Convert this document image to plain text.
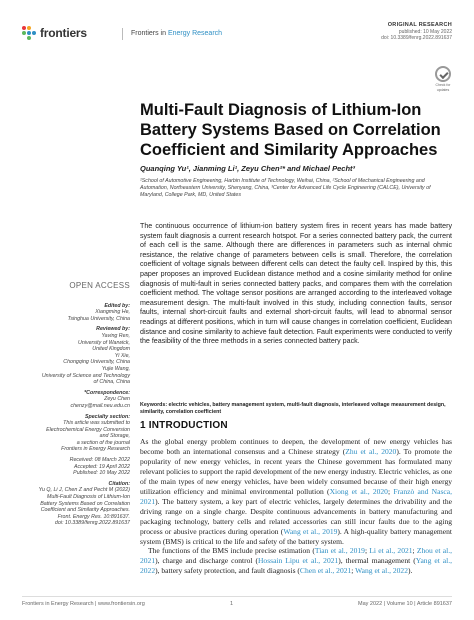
frontiers	Frontiers in Energy Research
ORIGINAL RESEARCH
published: 10 May 2022
doi: 10.3389/fenrg.2022.891637
Check for
updates
Multi-Fault Diagnosis of Lithium-Ion Battery Systems Based on Correlation Coefficient and Similarity Approaches
Quanqing Yu¹, Jianming Li¹, Zeyu Chen²* and Michael Pecht³
¹School of Automotive Engineering, Harbin Institute of Technology, Weihai, China, ²School of Mechanical Engineering and Automation, Northeastern University, Shenyang, China, ³Center for Advanced Life Cycle Engineering (CALCE), University of Maryland, College Park, MD, United States
The continuous occurrence of lithium-ion battery system fires in recent years has made battery system fault diagnosis a current research hotspot. For a series connected battery pack, the current of each cell is the same. Although there are differences in parameters such as internal ohmic resistance, the relative change of parameters between cells is small. Therefore, the correlation coefficient of voltage signals between different cells can detect the faulty cell. Inspired by this, this paper proposes an improved Euclidean distance method and a cosine similarity method for online diagnosis of multi-fault in series connected battery packs, and compares them with the correlation coefficient method. The voltage sensor positions are arranged according to the interleaved voltage measurement design. The multi-fault involved in this study, including connection faults, sensor faults, internal short-circuit faults and external short-circuit faults, will lead to abnormal sensor readings at different positions, which in turn will cause changes in correlation coefficient, Euclidean distance and cosine similarity to achieve fault detection. Fault experiments were conducted to verify the feasibility of the three methods in a series connected battery pack.
Keywords: electric vehicles, battery management system, multi-fault diagnosis, interleaved voltage measurement design, similarity, correlation coefficient
OPEN ACCESS
Edited by:
Xiangming He,
Tsinghua University, China
Reviewed by:
Yaving Ren,
University of Warwick,
United Kingdom
Yi Xie,
Chongqing University, China
Yujie Wang,
University of Science and Technology
of China, China
*Correspondence:
Zeyu Chen
chenzy@mail.neu.edu.cn
Specialty section:
This article was submitted to
Electrochemical Energy Conversion
and Storage,
a section of the journal
Frontiers in Energy Research
Received: 08 March 2022
Accepted: 19 April 2022
Published: 10 May 2022
Citation:
Yu Q, Li J, Chen Z and Pecht M (2022)
Multi-Fault Diagnosis of Lithium-Ion
Battery Systems Based on Correlation
Coefficient and Similarity Approaches.
Front. Energy Res. 10:891637.
doi: 10.3389/fenrg.2022.891637
1 INTRODUCTION

As the global energy problem continues to deepen, the development of new energy vehicles has become both an international consensus and a Chinese strategy (Zhu et al., 2020). To promote the popularity of new energy vehicles, in recent years the Chinese government has formulated many relevant policies to support the rapid development of the new energy industry. Electric vehicles, as one of the main types of new energy vehicles, have been widely consumed because of their high energy utilization efficiency and minimal environmental pollution (Xiong et al., 2020; Franzò and Nasca, 2021). The battery system, a key part of electric vehicles, largely determines the drivability and the driving range on a single charge. Despite continuous advancements in battery manufacturing and packaging technology, battery cells and related accessories can still incur faults due to the aging process or abusive practices during operation (Wang et al., 2019). A high-quality battery management system (BMS) is critical to the life and safety of the battery system.

The functions of the BMS include precise estimation (Tian et al., 2019; Li et al., 2021; Zhou et al., 2021), charge and discharge control (Hossain Lipu et al., 2021), thermal management (Yang et al., 2022), battery safety protection, and fault diagnosis (Chen et al., 2021; Wang et al., 2022).

Frontiers in Energy Research | www.frontiersin.org	1	May 2022 | Volume 10 | Article 891637
